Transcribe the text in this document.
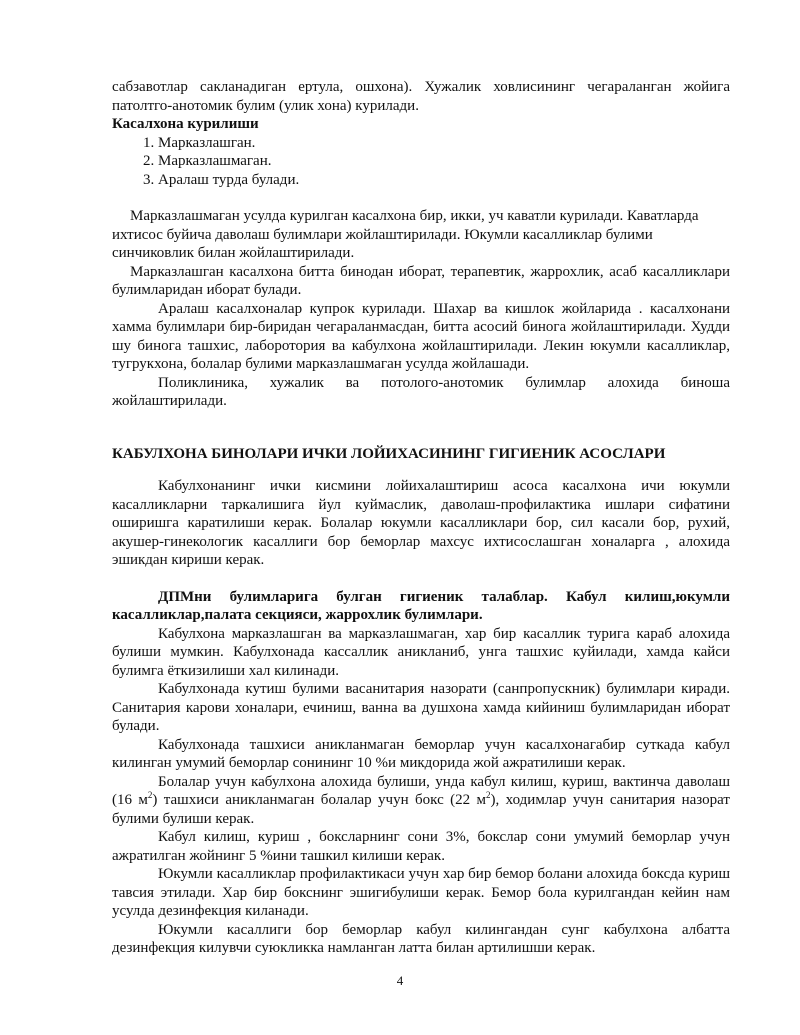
сабзавотлар сакланадиган ертула, ошхона). Хужалик ховлисининг чегараланган жойига патолтго-анотомик булим (улик хона) курилади.

Касалхона курилиши

1. Марказлашган.
2. Марказлашмаган.
3. Аралаш турда булади.

Марказлашмаган усулда курилган касалхона бир, икки, уч каватли курилади. Каватларда ихтисос буйича даволаш булимлари жойлаштирилади. Юкумли касалликлар булими синчиковлик билан жойлаштирилади.

Марказлашган касалхона битта бинодан иборат, терапевтик, жаррохлик, асаб касалликлари булимларидан иборат булади.

Аралаш касалхоналар купрок курилади. Шахар ва кишлок жойларида . касалхонани хамма булимлари бир-биридан чегараланмасдан, битта асосий бинога жойлаштирилади. Худди шу бинога ташхис, лаборотория ва кабулхона жойлаштирилади. Лекин юкумли касалликлар, тугрукхона, болалар булими марказлашмаган усулда жойлашади.

Поликлиника, хужалик ва потолого-анотомик булимлар алохида биноша жойлаштирилади.

КАБУЛХОНА БИНОЛАРИ ИЧКИ ЛОЙИХАСИНИНГ ГИГИЕНИК АСОСЛАРИ

Кабулхонанинг ички кисмини лойихалаштириш асоса касалхона ичи юкумли касалликларни таркалишига йул куймаслик, даволаш-профилактика ишлари сифатини оширишга каратилиши керак. Болалар юкумли касалликлари бор, сил касали бор, рухий, акушер-гинекологик касаллиги бор беморлар махсус ихтисослашган хоналарга , алохида эшикдан кириши керак.

ДПМни булимларига булган гигиеник талаблар. Кабул килиш,юкумли касалликлар,палата секцияси, жаррохлик булимлари.

Кабулхона марказлашган ва марказлашмаган, хар бир касаллик турига караб алохида булиши мумкин. Кабулхонада кассаллик аникланиб, унга ташхис куйилади, хамда кайси булимга ёткизилиши хал килинади.

Кабулхонада кутиш булими васанитария назорати (санпропускник) булимлари киради. Санитария карови хоналари, ечиниш, ванна ва душхона хамда кийиниш булимларидан иборат булади.

Кабулхонада ташхиси аникланмаган беморлар учун касалхонагабир суткада кабул килинган умумий беморлар сонининг 10 %и микдорида жой ажратилиши керак.

Болалар учун кабулхона алохида булиши, унда кабул килиш, куриш, вактинча даволаш (16 $м^2$) ташхиси аникланмаган болалар учун бокс (22 $м^2$), ходимлар учун санитария назорат булими булиши керак.

Кабул килиш, куриш , боксларнинг сони 3%, бокслар сони умумий беморлар учун ажратилган жойнинг 5 %ини ташкил килиши керак.

Юкумли касалликлар профилактикаси учун хар бир бемор болани алохида боксда куриш тавсия этилади. Хар бир бокснинг эшигибулиши керак. Бемор бола курилгандан кейин нам усулда дезинфекция киланади.

Юкумли касаллиги бор беморлар кабул килингандан сунг кабулхона албатта дезинфекция килувчи суюкликка намланган латта билан артилишши керак.

4
